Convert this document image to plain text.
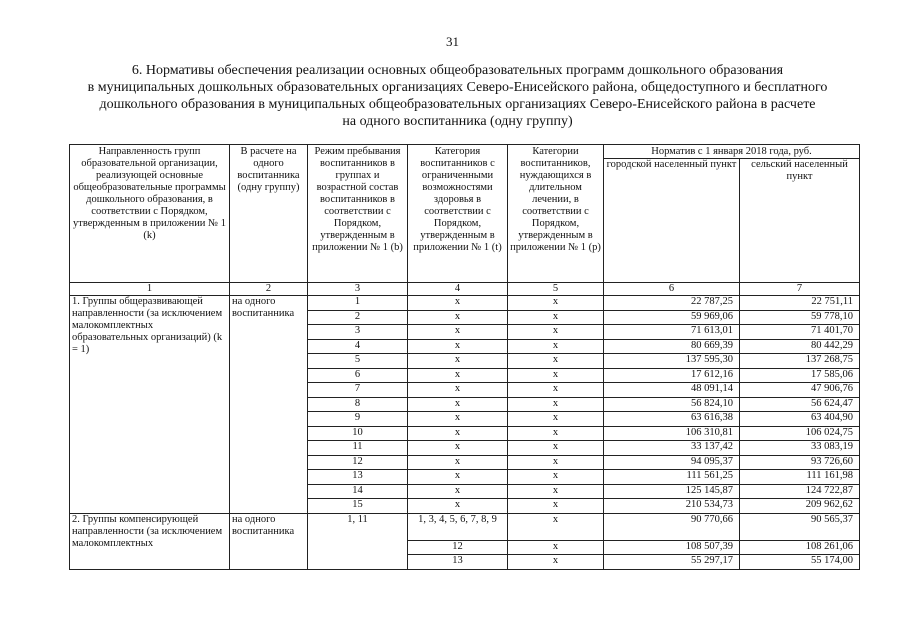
31
6. Нормативы обеспечения реализации основных общеобразовательных программ дошкольного образования
в муниципальных дошкольных образовательных организациях Северо-Енисейского района, общедоступного и бесплатного
дошкольного образования в муниципальных общеобразовательных организациях Северо-Енисейского района в расчете
на одного воспитанника (одну группу)
Направленность групп образовательной организации, реализующей основные общеобразовательные программы дошкольного образования, в соответствии с Порядком, утвержденным в приложении № 1 (k)	В расчете на одного воспитанника (одну группу)	Режим пребывания воспитанников в группах и возрастной состав воспитанников в соответствии с Порядком, утвержденным в приложении № 1 (b)	Категория воспитанников с ограниченными возможностями здоровья в соответствии с Порядком, утвержденным в приложении № 1 (t)	Категории воспитанников, нуждающихся в длительном лечении, в соответствии с Порядком, утвержденным в приложении № 1 (p)	Норматив с 1 января 2018 года, руб.	
					городской населенный пункт	сельский населенный пункт
1	2	3	4	5	6	7
1. Группы общеразвивающей направленности (за исключением малокомплектных образовательных организаций) (k = 1)	на одного воспитанника	1	х	х	22 787,25	22 751,11
		2	х	х	59 969,06	59 778,10
		3	х	х	71 613,01	71 401,70
		4	х	х	80 669,39	80 442,29
		5	х	х	137 595,30	137 268,75
		6	х	х	17 612,16	17 585,06
		7	х	х	48 091,14	47 906,76
		8	х	х	56 824,10	56 624,47
		9	х	х	63 616,38	63 404,90
		10	х	х	106 310,81	106 024,75
		11	х	х	33 137,42	33 083,19
		12	х	х	94 095,37	93 726,60
		13	х	х	111 561,25	111 161,98
		14	х	х	125 145,87	124 722,87
		15	х	х	210 534,73	209 962,62
2. Группы компенсирующей направленности (за исключением малокомплектных	на одного воспитанника	1, 11	1, 3, 4, 5, 6, 7, 8, 9	х	90 770,66	90 565,37
			12	х	108 507,39	108 261,06
			13	х	55 297,17	55 174,00
